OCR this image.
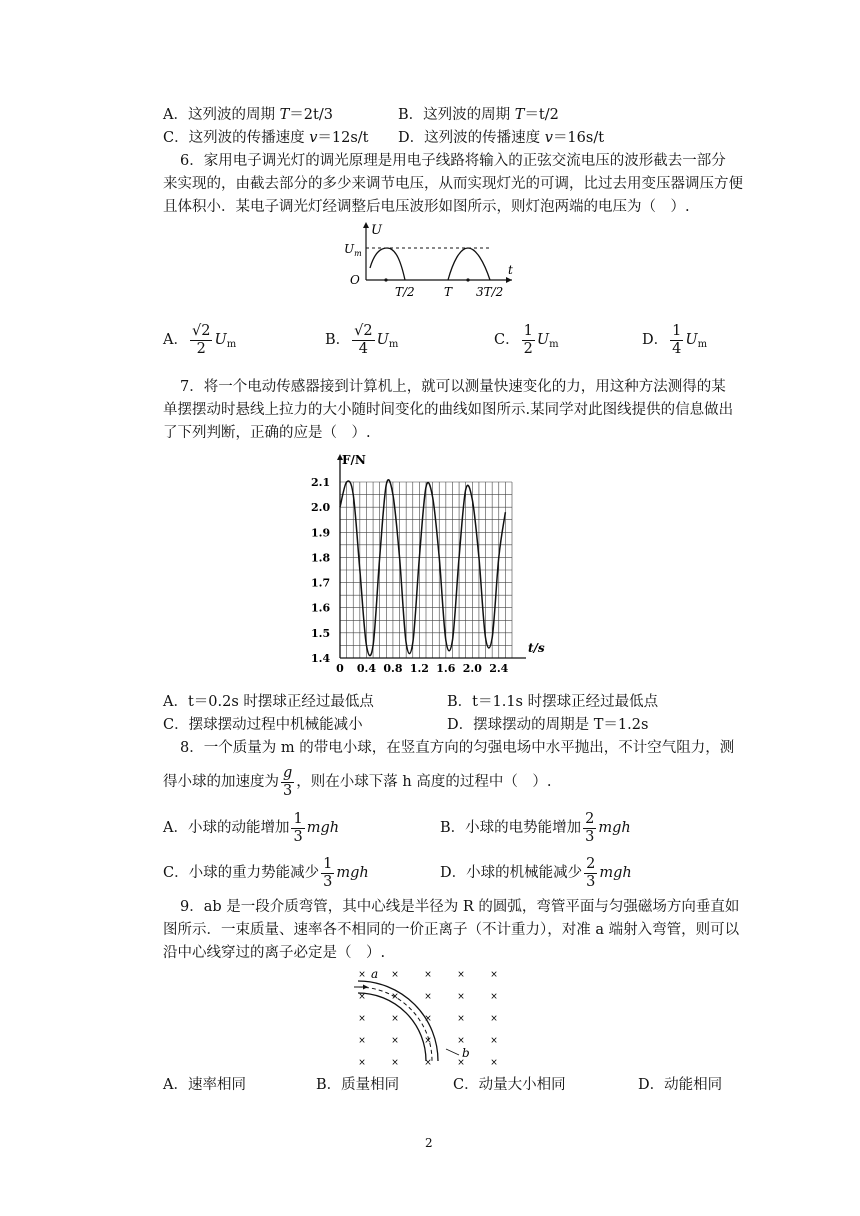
A．这列波的周期 T＝2t/3	B．这列波的周期 T＝t/2
C．这列波的传播速度 v＝12s/t D．这列波的传播速度 v＝16s/t
6．家用电子调光灯的调光原理是用电子线路将输入的正弦交流电压的波形截去一部分
来实现的，由截去部分的多少来调节电压，从而实现灯光的可调，比过去用变压器调压方便
且体积小．某电子调光灯经调整后电压波形如图所示，则灯泡两端的电压为（　）.
U
t
$U_m$
O
T/2 T 3T/2
A． $\frac{√2}{2} U_m$	B． $\frac{√2}{4} U_m$	C． $\frac{1}{2} U_m$	D． $\frac{1}{4} U_m$
7．将一个电动传感器接到计算机上，就可以测量快速变化的力，用这种方法测得的某
单摆摆动时悬线上拉力的大小随时间变化的曲线如图所示.某同学对此图线提供的信息做出
了下列判断，正确的应是（　）.
1.4
1.5
1.6
1.7
1.8
1.9
2.0
2.1
0 0.4 0.8 1.2 1.6 2.0 2.4
F/N
t/s
A．t＝0.2s 时摆球正经过最低点	B．t＝1.1s 时摆球正经过最低点
C．摆球摆动过程中机械能减小	D．摆球摆动的周期是 T＝1.2s
8．一个质量为 m 的带电小球，在竖直方向的匀强电场中水平抛出，不计空气阻力，测
得小球的加速度为 $\frac{g}{3}$ ，则在小球下落 h 高度的过程中（　）.
A．小球的动能增加 $\frac{1}{3}$ mgh	B．小球的电势能增加 $\frac{2}{3}$ mgh
C．小球的重力势能减少 $\frac{1}{3}$ mgh	D．小球的机械能减少 $\frac{2}{3}$ mgh
9．ab 是一段介质弯管，其中心线是半径为 R 的圆弧，弯管平面与匀强磁场方向垂直如
图所示．一束质量、速率各不相同的一价正离子（不计重力），对准 a 端射入弯管，则可以
沿中心线穿过的离子必定是（　）.
×	×	×	×	×
×	×	×	×	×
×	×	×	×	×
×	×	×	×	×
×	×	×	×	×
a
b
A．速率相同	B．质量相同	C．动量大小相同	D．动能相同
2
